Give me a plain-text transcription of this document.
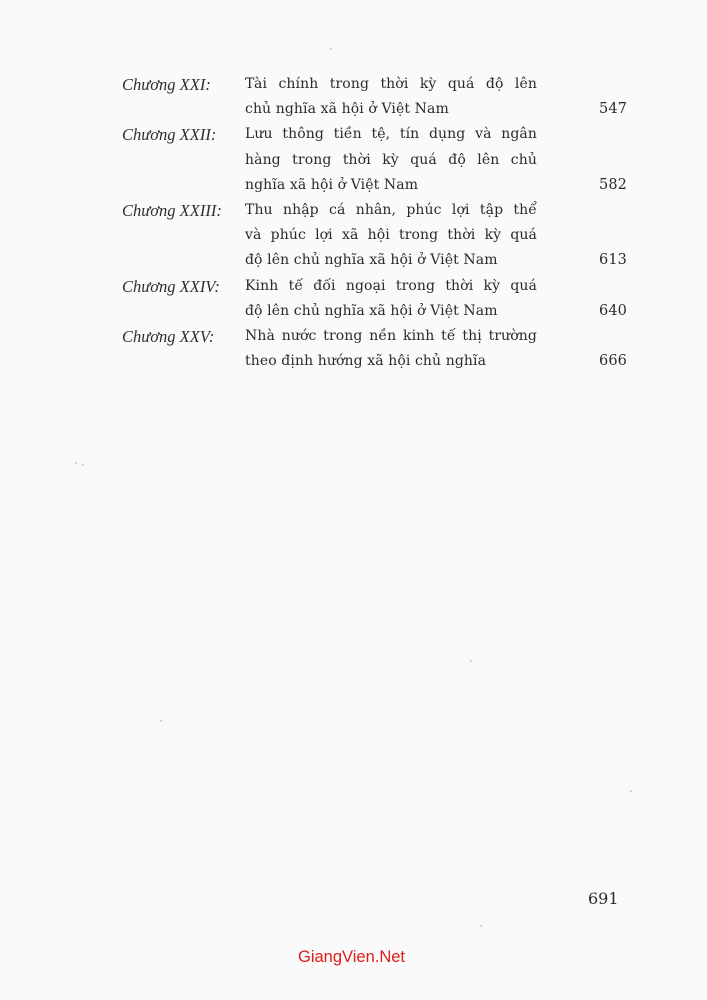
Chương XXI:	Tài chính trong thời kỳ quá độ lên
chủ nghĩa xã hội ở Việt Nam	547
Chương XXII:	Lưu thông tiền tệ, tín dụng và ngân
hàng trong thời kỳ quá độ lên chủ
nghĩa xã hội ở Việt Nam	582
Chương XXIII:	Thu nhập cá nhân, phúc lợi tập thể
và phúc lợi xã hội trong thời kỳ quá
độ lên chủ nghĩa xã hội ở Việt Nam	613
Chương XXIV:	Kinh tế đối ngoại trong thời kỳ quá
độ lên chủ nghĩa xã hội ở Việt Nam	640
Chương XXV:	Nhà nước trong nền kinh tế thị trường
theo định hướng xã hội chủ nghĩa	666
691
GiangVien.Net
